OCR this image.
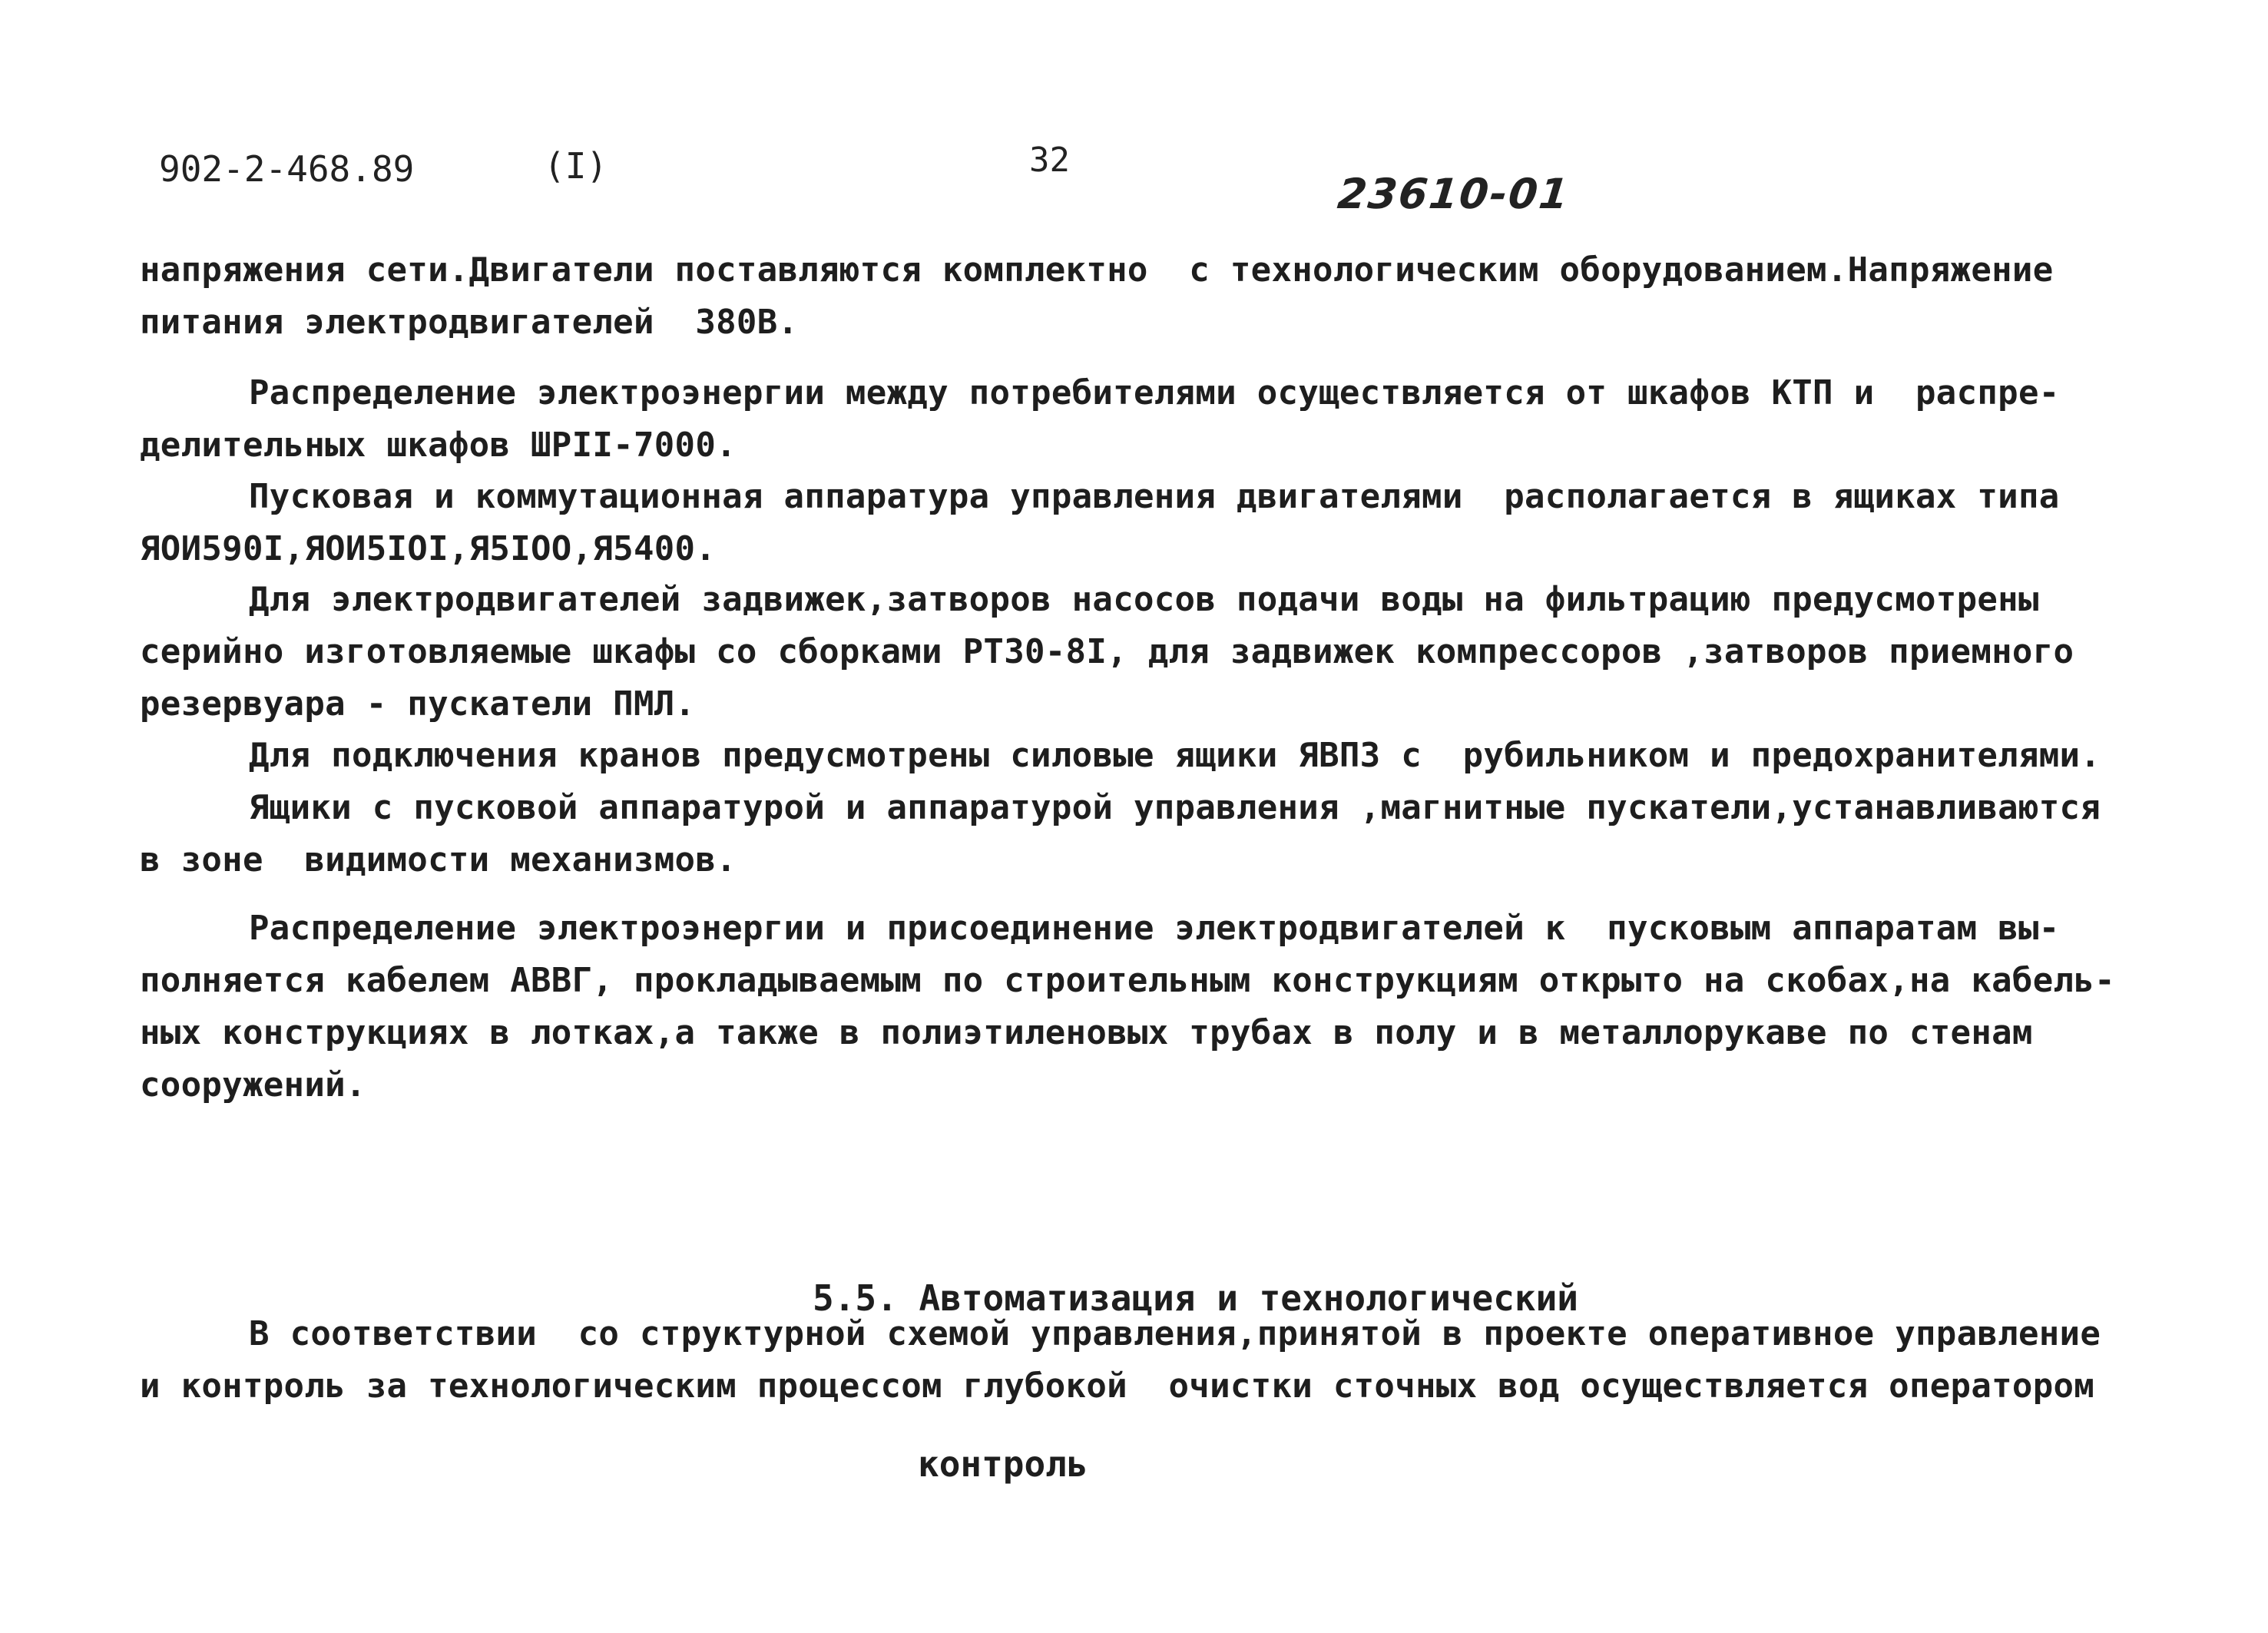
902-2-468.89	(I)	32
23610-01
напряжения сети.Двигатели поставляются комплектно  с технологическим оборудованием.Напряжение
питания электродвигателей  380В.
Распределение электроэнергии между потребителями осуществляется от шкафов КТП и  распре-
делительных шкафов ШРII-7000.
Пусковая и коммутационная аппаратура управления двигателями  располагается в ящиках типа
ЯОИ590I,ЯОИ5IOI,Я5IOO,Я5400.
Для электродвигателей задвижек,затворов насосов подачи воды на фильтрацию предусмотрены
серийно изготовляемые шкафы со сборками РТ30-8I, для задвижек компрессоров ,затворов приемного
резервуара - пускатели ПМЛ.
Для подключения кранов предусмотрены силовые ящики ЯВП3 с  рубильником и предохранителями.
Ящики с пусковой аппаратурой и аппаратурой управления ,магнитные пускатели,устанавливаются
в зоне  видимости механизмов.
Распределение электроэнергии и присоединение электродвигателей к  пусковым аппаратам вы-
полняется кабелем АВВГ, прокладываемым по строительным конструкциям открыто на скобах,на кабель-
ных конструкциях в лотках,а также в полиэтиленовых трубах в полу и в металлорукаве по стенам
сооружений.

5.5. Автоматизация и технологический

контроль

В соответствии  со структурной схемой управления,принятой в проекте оперативное управление
и контроль за технологическим процессом глубокой  очистки сточных вод осуществляется оператором
